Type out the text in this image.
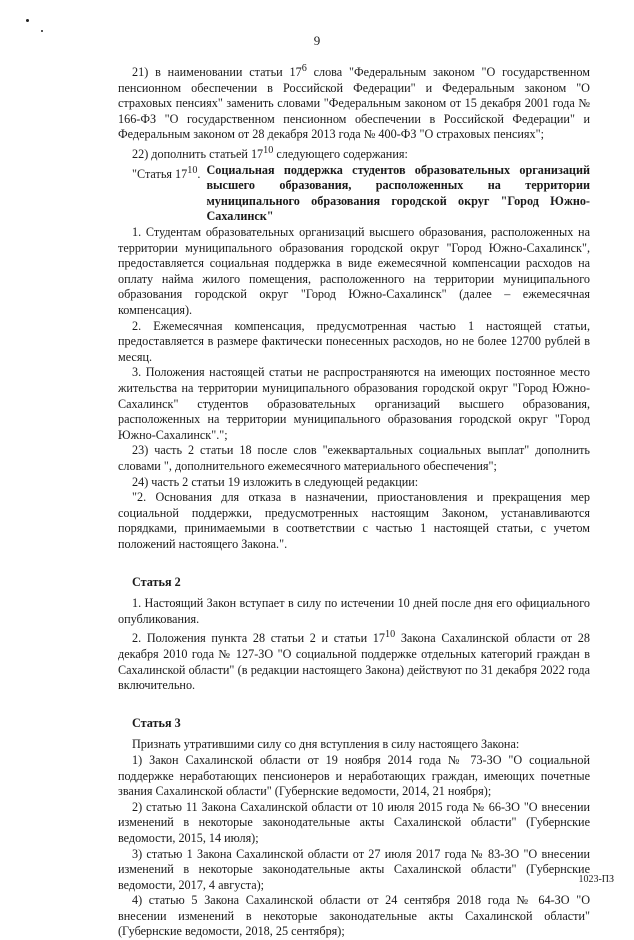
9

21) в наименовании статьи $17^6$ слова "Федеральным законом "О государственном пенсионном обеспечении в Российской Федерации" и Федеральным законом "О страховых пенсиях" заменить словами "Федеральным законом от 15 декабря 2001 года № 166-ФЗ "О государственном пенсионном обеспечении в Российской Федерации" и Федеральным законом от 28 декабря 2013 года № 400-ФЗ "О страховых пенсиях";

22) дополнить статьей $17^{10}$ следующего содержания:

"Статья $17^{10}$. Социальная поддержка студентов образовательных организаций высшего образования, расположенных на территории муниципального образования городской округ "Город Южно-Сахалинск"

1. Студентам образовательных организаций высшего образования, расположенных на территории муниципального образования городской округ "Город Южно-Сахалинск", предоставляется социальная поддержка в виде ежемесячной компенсации расходов на оплату найма жилого помещения, расположенного на территории муниципального образования городской округ "Город Южно-Сахалинск" (далее – ежемесячная компенсация).

2. Ежемесячная компенсация, предусмотренная частью 1 настоящей статьи, предоставляется в размере фактически понесенных расходов, но не более 12700 рублей в месяц.

3. Положения настоящей статьи не распространяются на имеющих постоянное место жительства на территории муниципального образования городской округ "Город Южно-Сахалинск" студентов образовательных организаций высшего образования, расположенных на территории муниципального образования городской округ "Город Южно-Сахалинск".";

23) часть 2 статьи 18 после слов "ежеквартальных социальных выплат" дополнить словами ", дополнительного ежемесячного материального обеспечения";

24) часть 2 статьи 19 изложить в следующей редакции:

"2. Основания для отказа в назначении, приостановления и прекращения мер социальной поддержки, предусмотренных настоящим Законом, устанавливаются порядками, принимаемыми в соответствии с частью 1 настоящей статьи, с учетом положений настоящего Закона.".

Статья 2

1. Настоящий Закон вступает в силу по истечении 10 дней после дня его официального опубликования.

2. Положения пункта 28 статьи 2 и статьи $17^{10}$ Закона Сахалинской области от 28 декабря 2010 года № 127-ЗО "О социальной поддержке отдельных категорий граждан в Сахалинской области" (в редакции настоящего Закона) действуют по 31 декабря 2022 года включительно.

Статья 3

Признать утратившими силу со дня вступления в силу настоящего Закона:

1) Закон Сахалинской области от 19 ноября 2014 года № 73-ЗО "О социальной поддержке неработающих пенсионеров и неработающих граждан, имеющих почетные звания Сахалинской области" (Губернские ведомости, 2014, 21 ноября);

2) статью 11 Закона Сахалинской области от 10 июля 2015 года № 66-ЗО "О внесении изменений в некоторые законодательные акты Сахалинской области" (Губернские ведомости, 2015, 14 июля);

3) статью 1 Закона Сахалинской области от 27 июля 2017 года № 83-ЗО "О внесении изменений в некоторые законодательные акты Сахалинской области" (Губернские ведомости, 2017, 4 августа);

4) статью 5 Закона Сахалинской области от 24 сентября 2018 года № 64-ЗО "О внесении изменений в некоторые законодательные акты Сахалинской области" (Губернские ведомости, 2018, 25 сентября);

1023-ПЗ
